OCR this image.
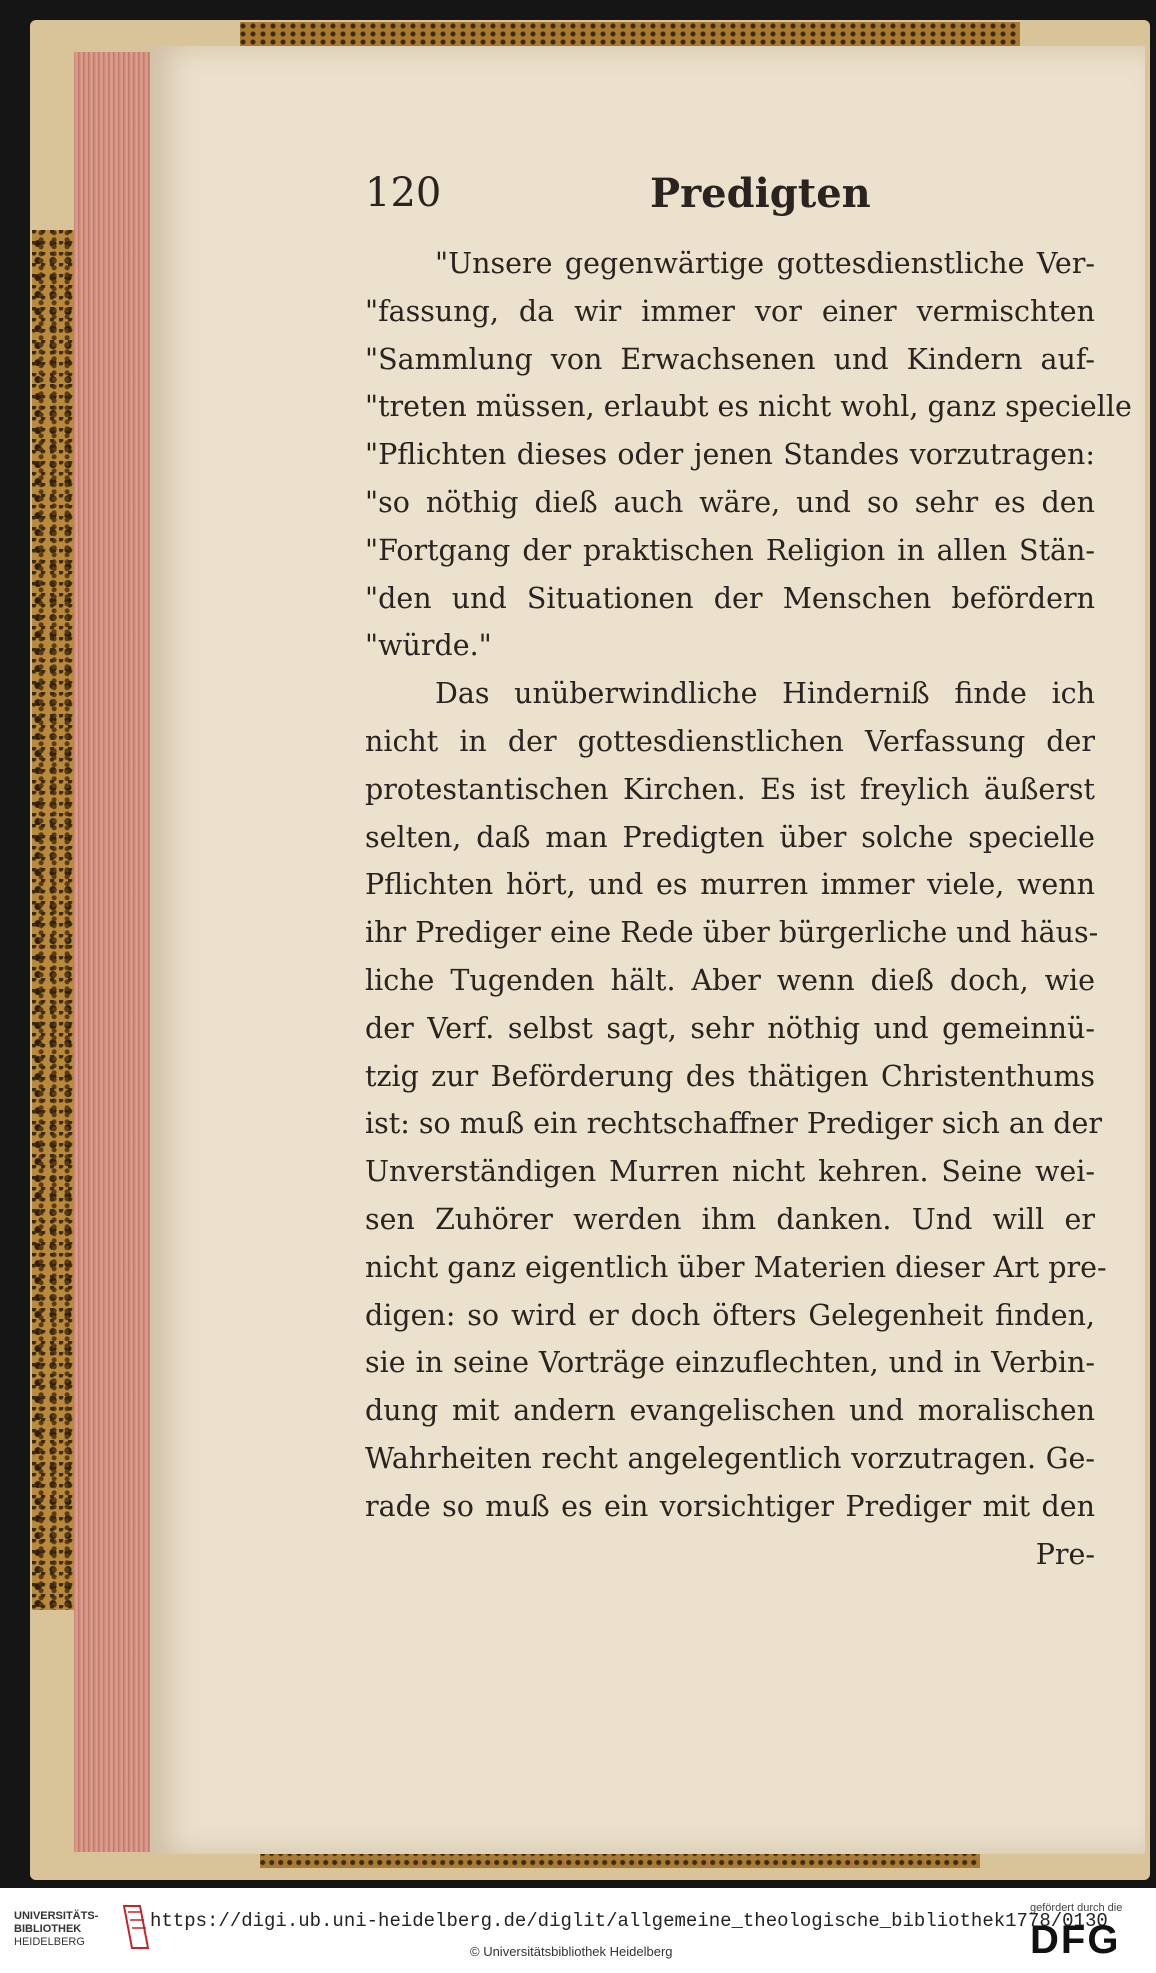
120	Predigten
"Unsere gegenwärtige gottesdienstliche Ver-
"fassung, da wir immer vor einer vermischten
"Sammlung von Erwachsenen und Kindern auf-
"treten müssen, erlaubt es nicht wohl, ganz specielle
"Pflichten dieses oder jenen Standes vorzutragen:
"so nöthig dieß auch wäre, und so sehr es den
"Fortgang der praktischen Religion in allen Stän-
"den und Situationen der Menschen befördern
"würde."
Das unüberwindliche Hinderniß finde ich
nicht in der gottesdienstlichen Verfassung der
protestantischen Kirchen. Es ist freylich äußerst
selten, daß man Predigten über solche specielle
Pflichten hört, und es murren immer viele, wenn
ihr Prediger eine Rede über bürgerliche und häus-
liche Tugenden hält. Aber wenn dieß doch, wie
der Verf. selbst sagt, sehr nöthig und gemeinnü-
tzig zur Beförderung des thätigen Christenthums
ist: so muß ein rechtschaffner Prediger sich an der
Unverständigen Murren nicht kehren. Seine wei-
sen Zuhörer werden ihm danken. Und will er
nicht ganz eigentlich über Materien dieser Art pre-
digen: so wird er doch öfters Gelegenheit finden,
sie in seine Vorträge einzuflechten, und in Verbin-
dung mit andern evangelischen und moralischen
Wahrheiten recht angelegentlich vorzutragen. Ge-
rade so muß es ein vorsichtiger Prediger mit den
Pre-
UNIVERSITÄTS-
BIBLIOTHEK
HEIDELBERG
https://digi.ub.uni-heidelberg.de/diglit/allgemeine_theologische_bibliothek1778/0130
© Universitätsbibliothek Heidelberg
gefördert durch die
DFG
